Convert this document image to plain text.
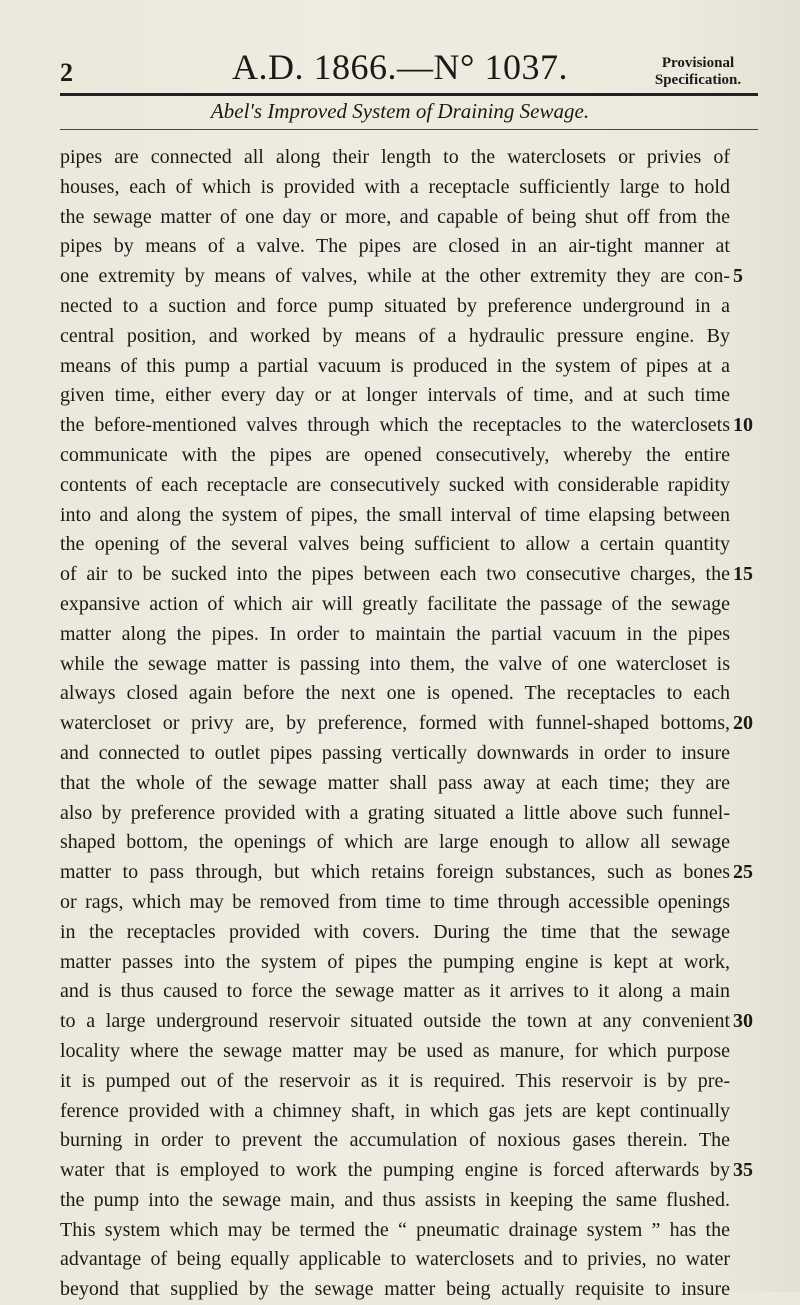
2	A.D. 1866.—N° 1037.	Provisional
Specification.
Abel's Improved System of Draining Sewage.
pipes are connected all along their length to the waterclosets or privies of
houses, each of which is provided with a receptacle sufficiently large to hold
the sewage matter of one day or more, and capable of being shut off from the
pipes by means of a valve. The pipes are closed in an air-tight manner at
one extremity by means of valves, while at the other extremity they are con- 5
nected to a suction and force pump situated by preference underground in a
central position, and worked by means of a hydraulic pressure engine. By
means of this pump a partial vacuum is produced in the system of pipes at a
given time, either every day or at longer intervals of time, and at such time
the before-mentioned valves through which the receptacles to the waterclosets 10
communicate with the pipes are opened consecutively, whereby the entire
contents of each receptacle are consecutively sucked with considerable rapidity
into and along the system of pipes, the small interval of time elapsing between
the opening of the several valves being sufficient to allow a certain quantity
of air to be sucked into the pipes between each two consecutive charges, the 15
expansive action of which air will greatly facilitate the passage of the sewage
matter along the pipes. In order to maintain the partial vacuum in the pipes
while the sewage matter is passing into them, the valve of one watercloset is
always closed again before the next one is opened. The receptacles to each
watercloset or privy are, by preference, formed with funnel-shaped bottoms, 20
and connected to outlet pipes passing vertically downwards in order to insure
that the whole of the sewage matter shall pass away at each time; they are
also by preference provided with a grating situated a little above such funnel-
shaped bottom, the openings of which are large enough to allow all sewage
matter to pass through, but which retains foreign substances, such as bones 25
or rags, which may be removed from time to time through accessible openings
in the receptacles provided with covers. During the time that the sewage
matter passes into the system of pipes the pumping engine is kept at work,
and is thus caused to force the sewage matter as it arrives to it along a main
to a large underground reservoir situated outside the town at any convenient 30
locality where the sewage matter may be used as manure, for which purpose
it is pumped out of the reservoir as it is required. This reservoir is by pre-
ference provided with a chimney shaft, in which gas jets are kept continually
burning in order to prevent the accumulation of noxious gases therein. The
water that is employed to work the pumping engine is forced afterwards by 35
the pump into the sewage main, and thus assists in keeping the same flushed.
This system which may be termed the “ pneumatic drainage system ” has the
advantage of being equally applicable to waterclosets and to privies, no water
beyond that supplied by the sewage matter being actually requisite to insure
